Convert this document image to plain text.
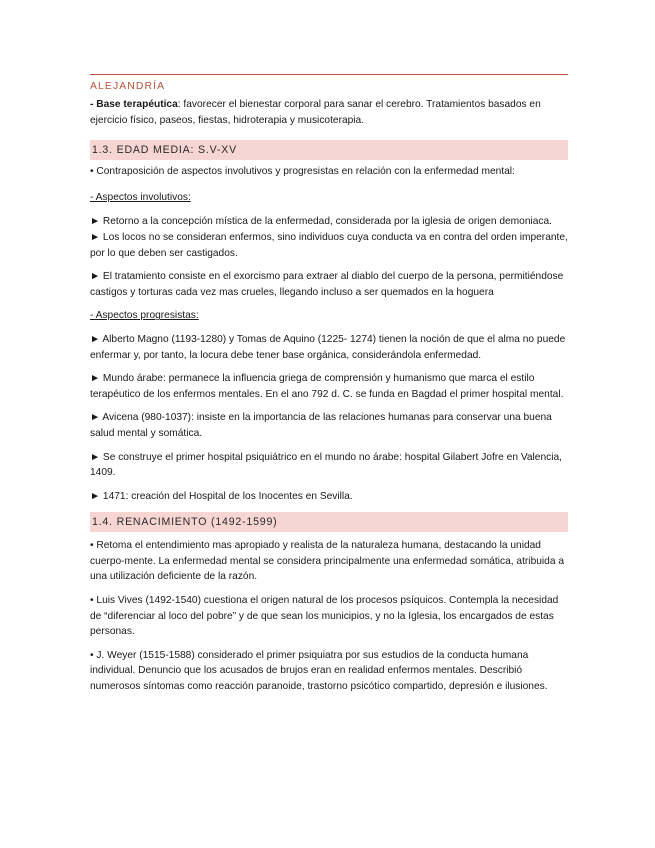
ALEJANDRÍA

- Base terapéutica: favorecer el bienestar corporal para sanar el cerebro. Tratamientos basados en ejercicio físico, paseos, fiestas, hidroterapia y musicoterapia.

1.3. EDAD MEDIA: S.V-XV

• Contraposición de aspectos involutivos y progresistas en relación con la enfermedad mental:

- Aspectos involutivos:

► Retorno a la concepción mística de la enfermedad, considerada por la iglesia de origen demoniaca.

► Los locos no se consideran enfermos, sino individuos cuya conducta va en contra del orden imperante, por lo que deben ser castigados.

► El tratamiento consiste en el exorcismo para extraer al diablo del cuerpo de la persona, permitiéndose castigos y torturas cada vez mas crueles, llegando incluso a ser quemados en la hoguera

- Aspectos progresistas:

► Alberto Magno (1193-1280) y Tomas de Aquino (1225- 1274) tienen la noción de que el alma no puede enfermar y, por tanto, la locura debe tener base orgánica, considerándola enfermedad.

► Mundo árabe: permanece la influencia griega de comprensión y humanismo que marca el estilo terapéutico de los enfermos mentales. En el ano 792 d. C. se funda en Bagdad el primer hospital mental.

► Avicena (980-1037): insiste en la importancia de las relaciones humanas para conservar una buena salud mental y somática.

► Se construye el primer hospital psiquiátrico en el mundo no árabe: hospital Gilabert Jofre en Valencia, 1409.

► 1471: creación del Hospital de los Inocentes en Sevilla.

1.4. RENACIMIENTO (1492-1599)

• Retoma el entendimiento mas apropiado y realista de la naturaleza humana, destacando la unidad cuerpo-mente. La enfermedad mental se considera principalmente una enfermedad somática, atribuida a una utilización deficiente de la razón.

• Luis Vives (1492-1540) cuestiona el origen natural de los procesos psíquicos. Contempla la necesidad de “diferenciar al loco del pobre” y de que sean los municipios, y no la Iglesia, los encargados de estas personas.

• J. Weyer (1515-1588) considerado el primer psiquiatra por sus estudios de la conducta humana individual. Denuncio que los acusados de brujos eran en realidad enfermos mentales. Describió numerosos síntomas como reacción paranoide, trastorno psicótico compartido, depresión e ilusiones.
